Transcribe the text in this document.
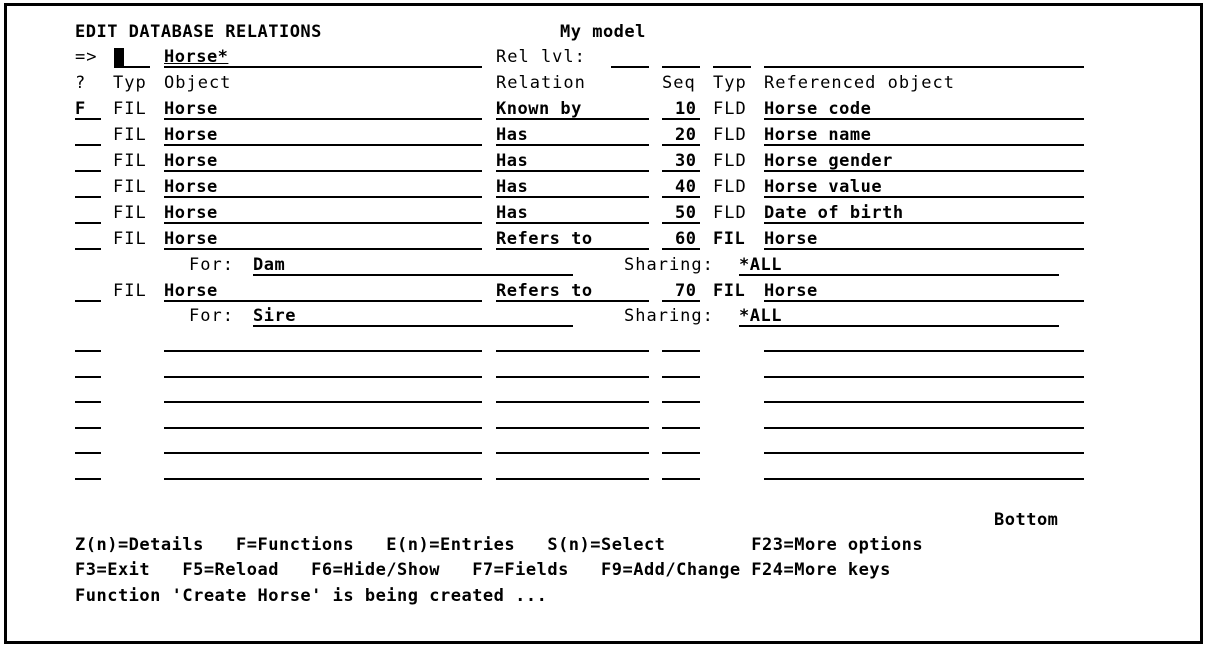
EDIT DATABASE RELATIONS	My model
=>	Horse*	Rel lvl:
? Typ Object	Relation	Seq Typ Referenced object
F FIL Horse	Known by	10 FLD Horse code
FIL Horse	Has	20 FLD Horse name
FIL Horse	Has	30 FLD Horse gender
FIL Horse	Has	40 FLD Horse value
FIL Horse	Has	50 FLD Date of birth
FIL Horse	Refers to	60 FIL Horse
For: Dam	Sharing: *ALL
FIL Horse	Refers to	70 FIL Horse
For: Sire	Sharing: *ALL
Bottom
Z(n)=Details   F=Functions   E(n)=Entries   S(n)=Select        F23=More options
F3=Exit   F5=Reload   F6=Hide/Show   F7=Fields   F9=Add/Change F24=More keys
Function 'Create Horse' is being created ...
